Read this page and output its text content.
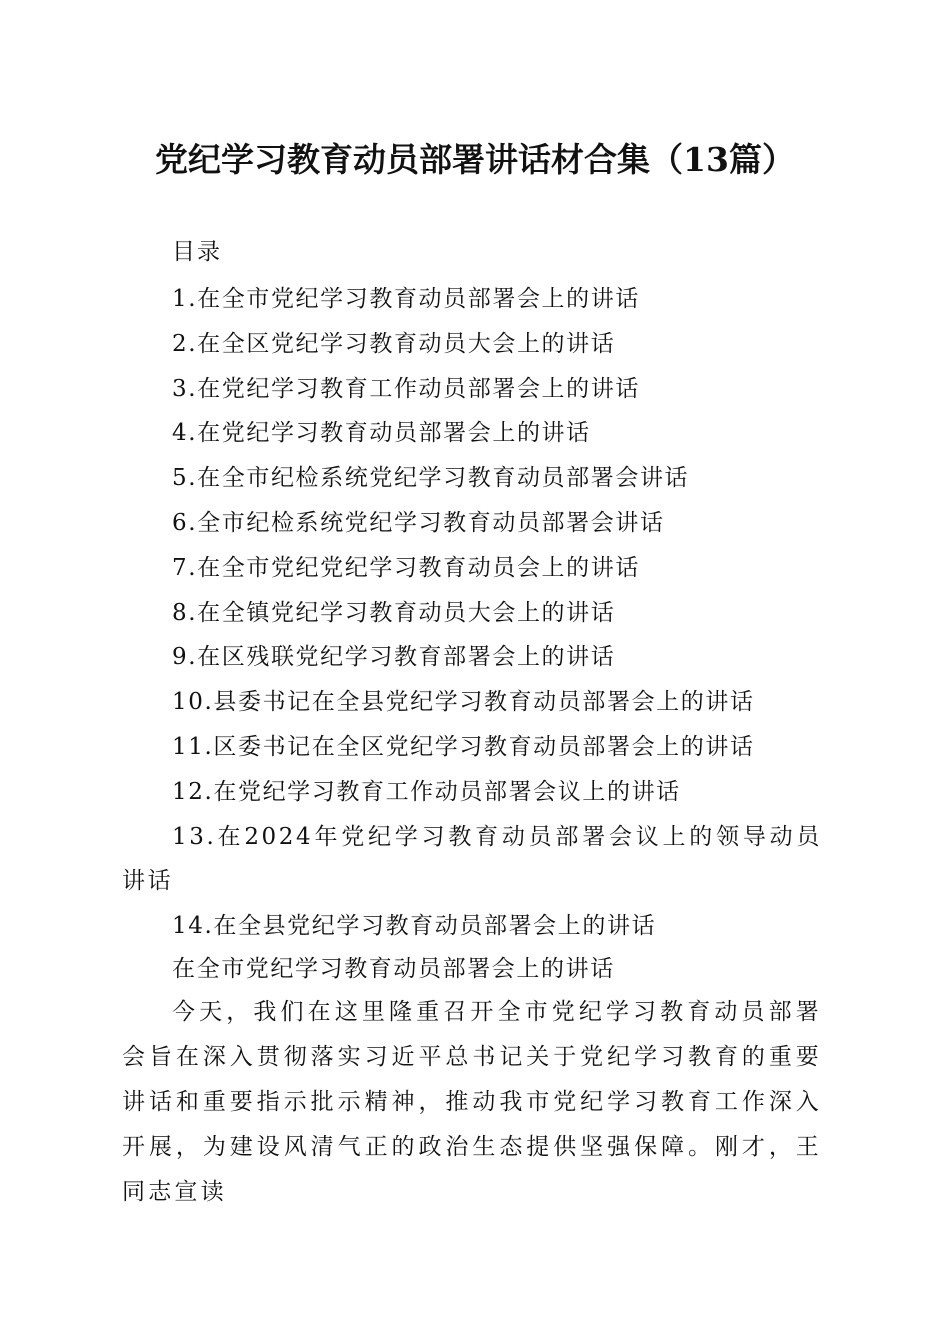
党纪学习教育动员部署讲话材合集（13篇）
目录
1.在全市党纪学习教育动员部署会上的讲话
2.在全区党纪学习教育动员大会上的讲话
3.在党纪学习教育工作动员部署会上的讲话
4.在党纪学习教育动员部署会上的讲话
5.在全市纪检系统党纪学习教育动员部署会讲话
6.全市纪检系统党纪学习教育动员部署会讲话
7.在全市党纪党纪学习教育动员会上的讲话
8.在全镇党纪学习教育动员大会上的讲话
9.在区残联党纪学习教育部署会上的讲话
10.县委书记在全县党纪学习教育动员部署会上的讲话
11.区委书记在全区党纪学习教育动员部署会上的讲话
12.在党纪学习教育工作动员部署会议上的讲话
13.在2024年党纪学习教育动员部署会议上的领导动员讲话
14.在全县党纪学习教育动员部署会上的讲话
在全市党纪学习教育动员部署会上的讲话

今天，我们在这里隆重召开全市党纪学习教育动员部署会旨在深入贯彻落实习近平总书记关于党纪学习教育的重要讲话和重要指示批示精神，推动我市党纪学习教育工作深入开展，为建设风清气正的政治生态提供坚强保障。刚才，王同志宣读
